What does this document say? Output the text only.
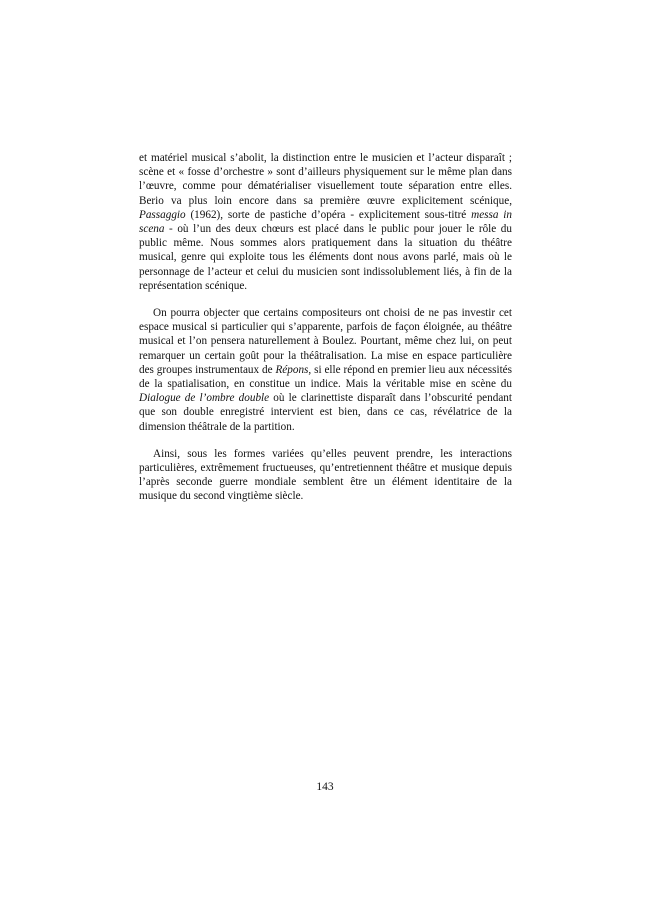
et matériel musical s’abolit, la distinction entre le musicien et l’acteur disparaît ; scène et « fosse d’orchestre » sont d’ailleurs physiquement sur le même plan dans l’œuvre, comme pour dématérialiser visuellement toute séparation entre elles. Berio va plus loin encore dans sa première œuvre explicitement scénique, Passaggio (1962), sorte de pastiche d’opéra - explicitement sous-titré messa in scena - où l’un des deux chœurs est placé dans le public pour jouer le rôle du public même. Nous sommes alors pratiquement dans la situation du théâtre musical, genre qui exploite tous les éléments dont nous avons parlé, mais où le personnage de l’acteur et celui du musicien sont indissolublement liés, à fin de la représentation scénique.

On pourra objecter que certains compositeurs ont choisi de ne pas investir cet espace musical si particulier qui s’apparente, parfois de façon éloignée, au théâtre musical et l’on pensera naturellement à Boulez. Pourtant, même chez lui, on peut remarquer un certain goût pour la théâtralisation. La mise en espace particulière des groupes instrumentaux de Répons, si elle répond en premier lieu aux nécessités de la spatialisation, en constitue un indice. Mais la véritable mise en scène du Dialogue de l’ombre double où le clarinettiste disparaît dans l’obscurité pendant que son double enregistré intervient est bien, dans ce cas, révélatrice de la dimension théâtrale de la partition.

Ainsi, sous les formes variées qu’elles peuvent prendre, les interactions particulières, extrêmement fructueuses, qu’entretiennent théâtre et musique depuis l’après seconde guerre mondiale semblent être un élément identitaire de la musique du second vingtième siècle.

143
